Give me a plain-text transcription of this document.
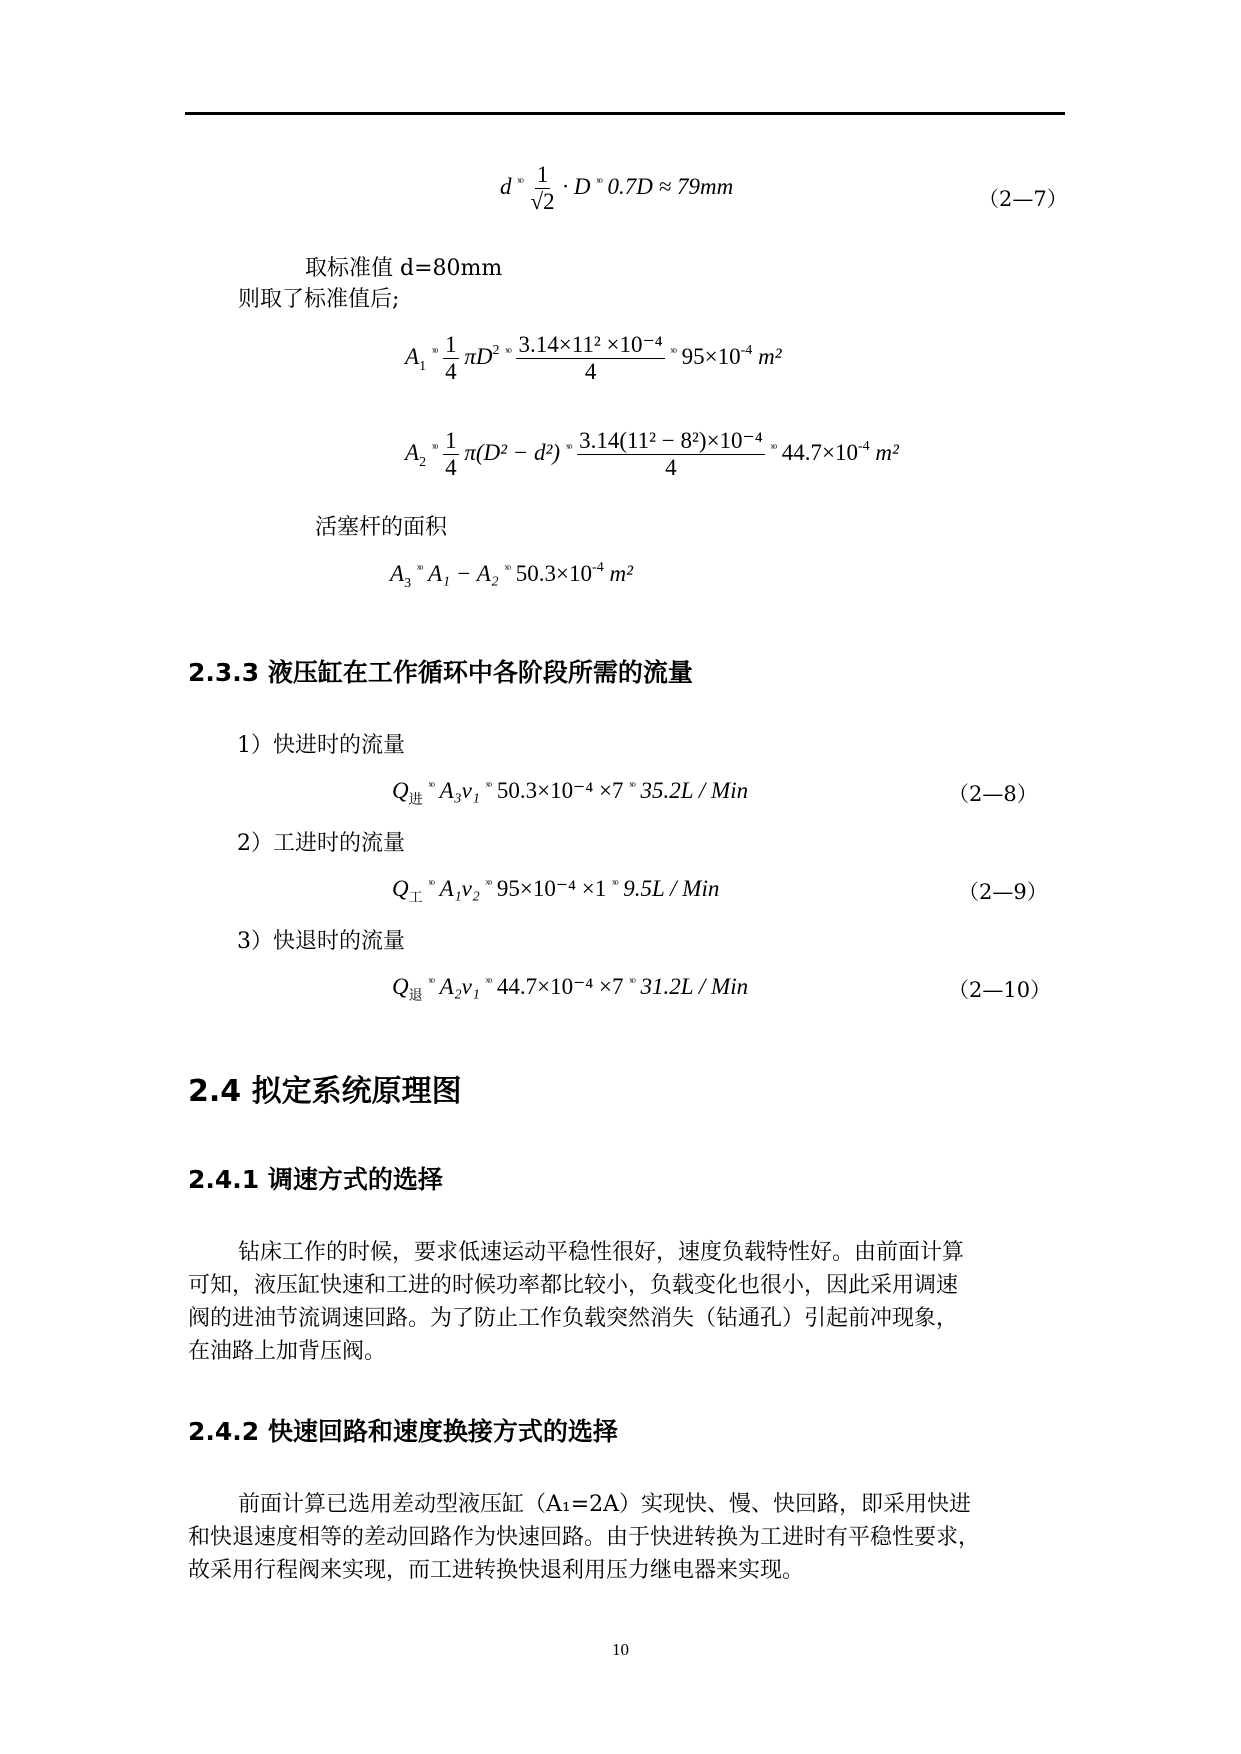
d $^{ˣᵒ} \frac{1}{√2} \cdot D$ $^{ˣᵒ}$ 0.7D ≈ 79mm
（2—7）
取标准值 d=80mm
则取了标准值后;
$A_1$ $^{ˣᵒ} \frac{1}{4} \pi D^2$ $^{ˣᵒ} \frac{\text{3.14×11² ×10⁻⁴}}{4} ^{ˣᵒ}$ $95\times 10^{-4}$ m²
$A_2$ $^{ˣᵒ} \frac{1}{4} \pi(D^2 - d^2)$ $^{ˣᵒ} \frac{\text{3.14(11² − 8²)×10⁻⁴}}{4} ^{ˣᵒ}$ $44.7\times 10^{-4}$ m²
活塞杆的面积
$A_3$ $^{ˣᵒ}$ A₁ − A₂ $^{ˣᵒ}$ $50.3\times 10^{-4}$ m²
2.3.3 液压缸在工作循环中各阶段所需的流量
1）快进时的流量
$Q_进$ $^{ˣᵒ}$ A₃v₁ $^{ˣᵒ}$ 50.3×10⁻⁴ ×7 $^{ˣᵒ}$ 35.2L / Min	（2—8）
2）工进时的流量
$Q_工$ $^{ˣᵒ}$ A₁v₂ $^{ˣᵒ}$ 95×10⁻⁴ ×1 $^{ˣᵒ}$ 9.5L / Min	（2—9）
3）快退时的流量
$Q_退$ $^{ˣᵒ}$ A₂v₁ $^{ˣᵒ}$ 44.7×10⁻⁴ ×7 $^{ˣᵒ}$ 31.2L / Min	（2—10）
2.4 拟定系统原理图
2.4.1 调速方式的选择
钻床工作的时候，要求低速运动平稳性很好，速度负载特性好。由前面计算
可知，液压缸快速和工进的时候功率都比较小，负载变化也很小，因此采用调速
阀的进油节流调速回路。为了防止工作负载突然消失（钻通孔）引起前冲现象，
在油路上加背压阀。
2.4.2 快速回路和速度换接方式的选择
前面计算已选用差动型液压缸（A₁=2A）实现快、慢、快回路，即采用快进
和快退速度相等的差动回路作为快速回路。由于快进转换为工进时有平稳性要求，
故采用行程阀来实现，而工进转换快退利用压力继电器来实现。
10
